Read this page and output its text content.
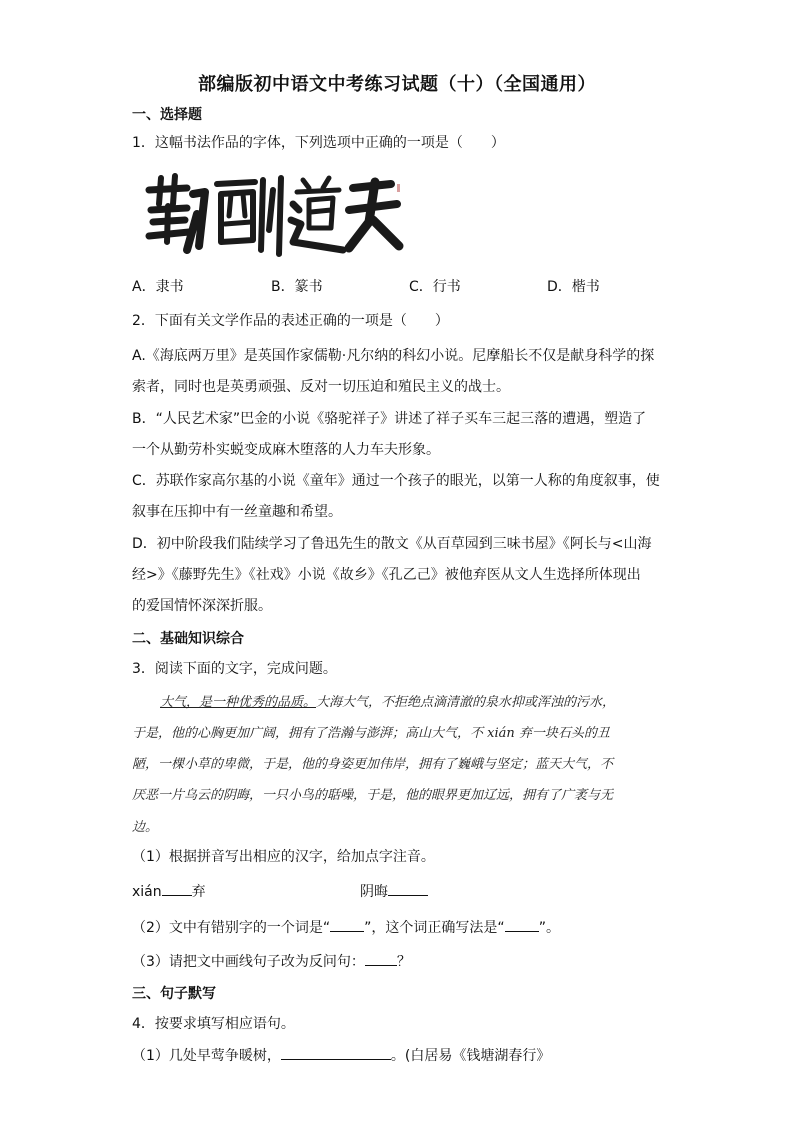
部编版初中语文中考练习试题（十）（全国通用）
一、选择题
1．这幅书法作品的字体，下列选项中正确的一项是（　　）
A．隶书	B．篆书	C．行书	D．楷书
2．下面有关文学作品的表述正确的一项是（　　）
A.《海底两万里》是英国作家儒勒·凡尔纳的科幻小说。尼摩船长不仅是献身科学的探
索者，同时也是英勇顽强、反对一切压迫和殖民主义的战士。
B．“人民艺术家”巴金的小说《骆驼祥子》讲述了祥子买车三起三落的遭遇，塑造了
一个从勤劳朴实蜕变成麻木堕落的人力车夫形象。
C．苏联作家高尔基的小说《童年》通过一个孩子的眼光，以第一人称的角度叙事，使
叙事在压抑中有一丝童趣和希望。
D．初中阶段我们陆续学习了鲁迅先生的散文《从百草园到三味书屋》《阿长与<山海
经>》《藤野先生》《社戏》小说《故乡》《孔乙己》被他弃医从文人生选择所体现出
的爱国情怀深深折服。
二、基础知识综合
3．阅读下面的文字，完成问题。
大气，是一种优秀的品质。大海大气，不拒绝点滴清澈的泉水抑或浑浊的污水，
于是，他的心胸更加广阔，拥有了浩瀚与澎湃；高山大气，不 xián 弃一块石头的丑
陋，一棵小草的卑微，于是，他的身姿更加伟岸，拥有了巍峨与坚定；蓝天大气，不
厌恶一片乌云的阴晦，一只小鸟的聒噪，于是，他的眼界更加辽远，拥有了广袤与无
边。
（1）根据拼音写出相应的汉字，给加点字注音。
xián 弃	阴晦
（2）文中有错别字的一个词是“ ”，这个词正确写法是“ ”。
（3）请把文中画线句子改为反问句： ？
三、句子默写
4．按要求填写相应语句。
（1）几处早莺争暖树，	。(白居易《钱塘湖春行》
